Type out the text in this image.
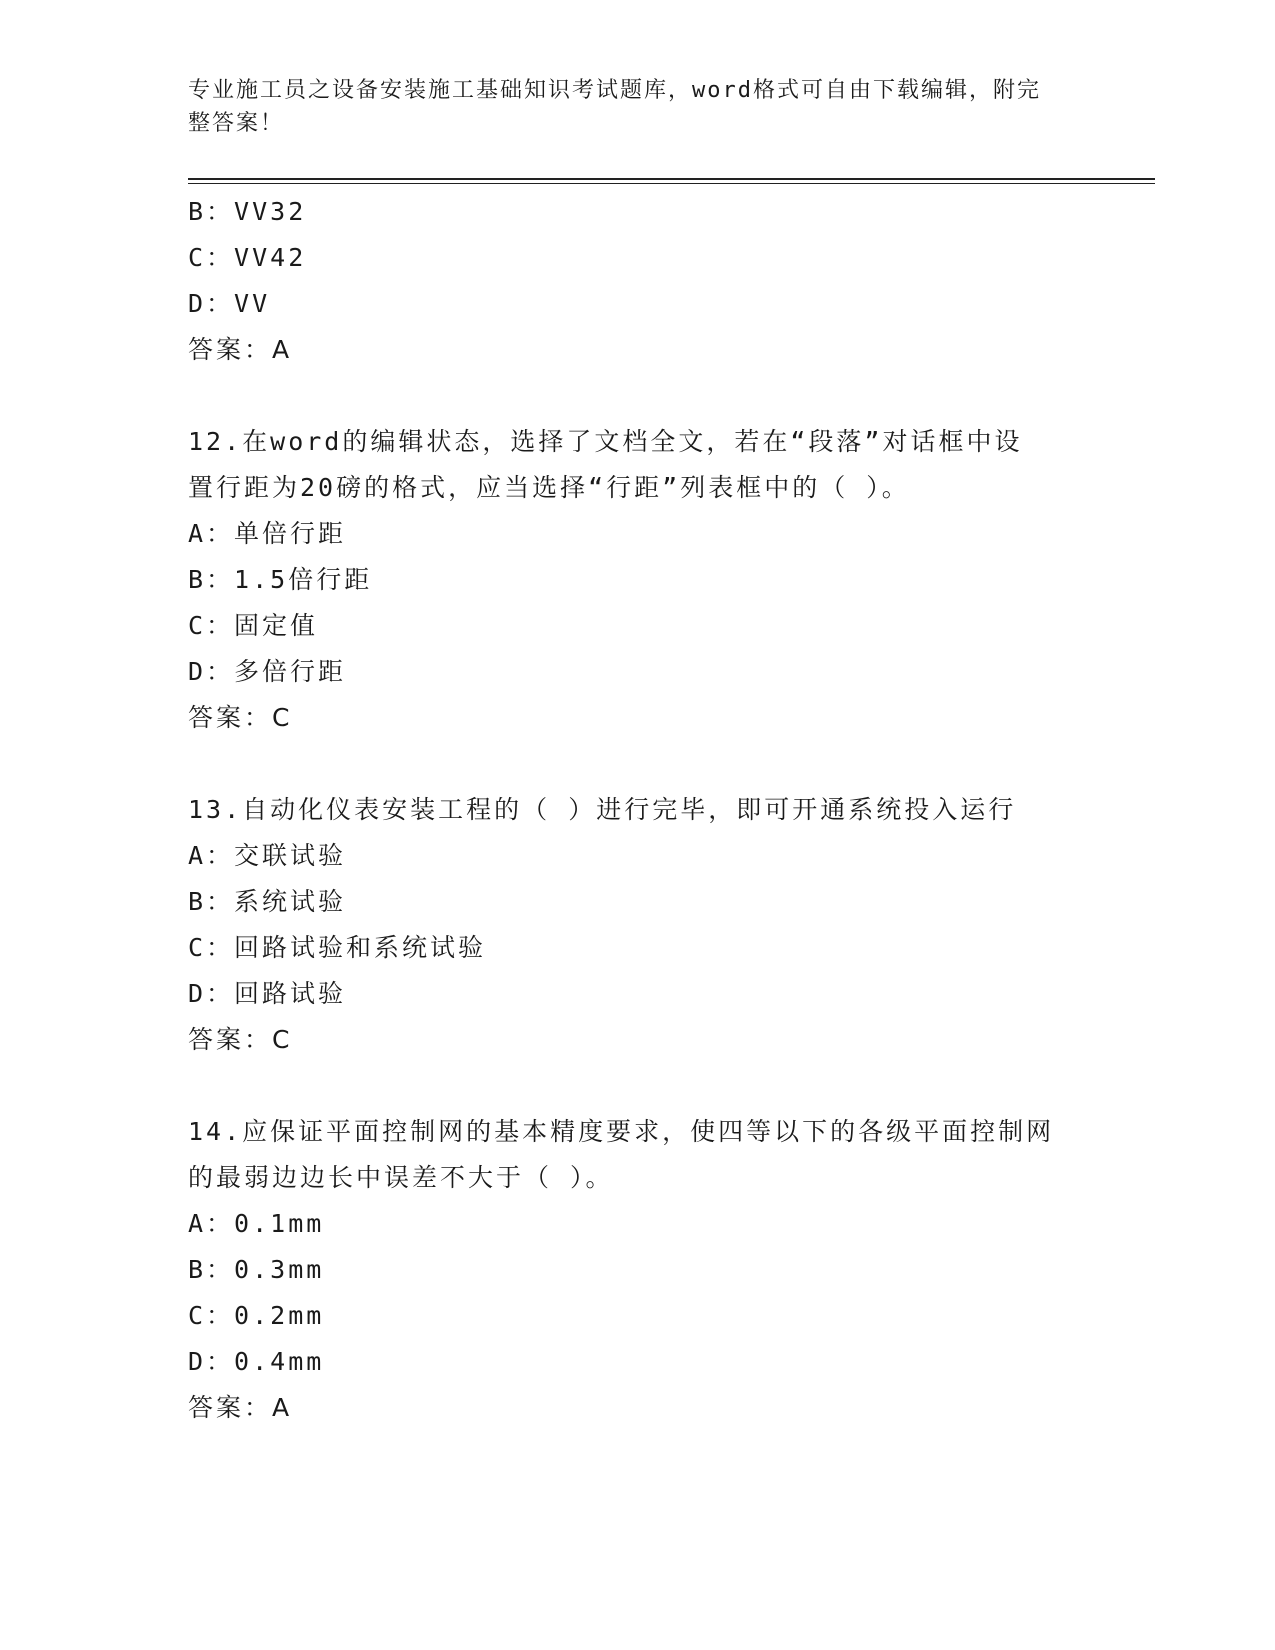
专业施工员之设备安装施工基础知识考试题库，word格式可自由下载编辑，附完
整答案！
B：VV32
C：VV42
D：VV
答案：A
12.在word的编辑状态，选择了文档全文，若在“段落”对话框中设
置行距为20磅的格式，应当选择“行距”列表框中的（ ）。
A：单倍行距
B：1.5倍行距
C：固定值
D：多倍行距
答案：C
13.自动化仪表安装工程的（ ）进行完毕，即可开通系统投入运行
A：交联试验
B：系统试验
C：回路试验和系统试验
D：回路试验
答案：C
14.应保证平面控制网的基本精度要求，使四等以下的各级平面控制网
的最弱边边长中误差不大于（ ）。
A：0.1mm
B：0.3mm
C：0.2mm
D：0.4mm
答案：A
